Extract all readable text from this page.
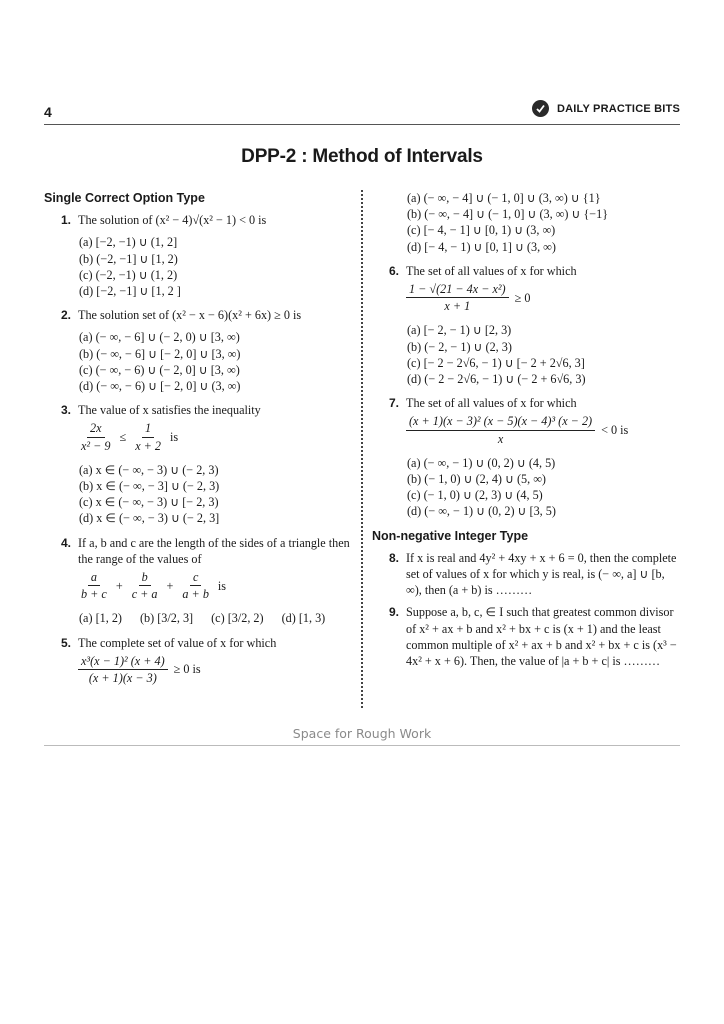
4	DAILY PRACTICE BITS
DPP-2 : Method of Intervals
Single Correct Option Type
1. The solution of (x² − 4)√(x² − 1) < 0 is
(a) [−2, −1) ∪ (1, 2]
(b) (−2, −1] ∪ [1, 2)
(c) (−2, −1) ∪ (1, 2)
(d) [−2, −1] ∪ [1, 2 ]
2. The solution set of (x² − x − 6)(x² + 6x) ≥ 0 is
(a) (− ∞, − 6] ∪ (− 2, 0) ∪ [3, ∞)
(b) (− ∞, − 6] ∪ [− 2, 0] ∪ [3, ∞)
(c) (− ∞, − 6) ∪ (− 2, 0] ∪ [3, ∞)
(d) (− ∞, − 6) ∪ [− 2, 0] ∪ (3, ∞)
3. The value of x satisfies the inequality
$\frac{2x}{\text{x² − 9}} \le \frac{1}{x + 2}$ is
(a) x ∈ (− ∞, − 3) ∪ (− 2, 3)
(b) x ∈ (− ∞, − 3] ∪ (− 2, 3)
(c) x ∈ (− ∞, − 3) ∪ [− 2, 3)
(d) x ∈ (− ∞, − 3) ∪ (− 2, 3]
4. If a, b and c are the length of the sides of a triangle then the range of the values of
$\frac{a}{b + c} + \frac{b}{c + a} + \frac{c}{a + b}$ is
(a) [1, 2) (b) [3/2, 3] (c) [3/2, 2) (d) [1, 3)
5. The complete set of value of x for which
$\frac{\text{x³(x − 1)² (x + 4)}}{(x + 1)(x - 3)} \ge 0$ is
(a) (− ∞, − 4] ∪ (− 1, 0] ∪ (3, ∞) ∪ {1}
(b) (− ∞, − 4] ∪ (− 1, 0] ∪ (3, ∞) ∪ {−1}
(c) [− 4, − 1] ∪ [0, 1) ∪ (3, ∞)
(d) [− 4, − 1) ∪ [0, 1] ∪ (3, ∞)
6. The set of all values of x for which
$\frac{\text{1 − √(21 − 4x − x²)}}{x + 1} \ge 0$
(a) [− 2, − 1) ∪ [2, 3)
(b) (− 2, − 1) ∪ (2, 3)
(c) [− 2 − 2√6, − 1) ∪ [− 2 + 2√6, 3]
(d) (− 2 − 2√6, − 1) ∪ (− 2 + 6√6, 3)
7. The set of all values of x for which
$\frac{\text{(x + 1)(x − 3)² (x − 5)(x − 4)³ (x − 2)}}{x} < 0$ is
(a) (− ∞, − 1) ∪ (0, 2) ∪ (4, 5)
(b) (− 1, 0) ∪ (2, 4) ∪ (5, ∞)
(c) (− 1, 0) ∪ (2, 3) ∪ (4, 5)
(d) (− ∞, − 1) ∪ (0, 2) ∪ [3, 5)
Non-negative Integer Type
8. If x is real and 4y² + 4xy + x + 6 = 0, then the complete set of values of x for which y is real, is (− ∞, a] ∪ [b, ∞), then (a + b) is ………
9. Suppose a, b, c, ∈ I such that greatest common divisor of x² + ax + b and x² + bx + c is (x + 1) and the least common multiple of x² + ax + b and x² + bx + c is (x³ − 4x² + x + 6). Then, the value of |a + b + c| is ………
Space for Rough Work
